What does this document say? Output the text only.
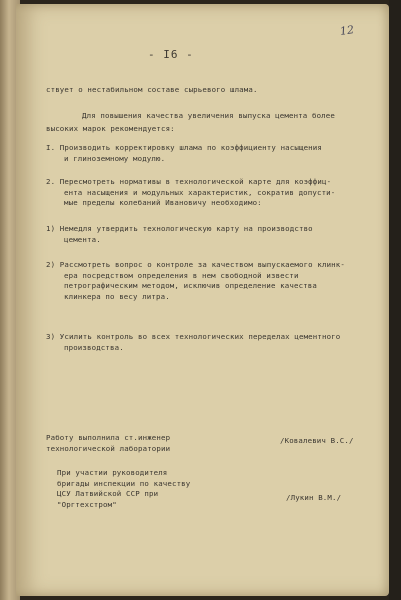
- I6 -
12
ствует о нестабильном составе сырьевого шлама.
Для повышения качества увеличения выпуска цемента более
высоких марок рекомендуется:
I. Производить корректировку шлама по коэффициенту насыщения
и глиноземному модулю.
2. Пересмотреть нормативы в технологической карте для коэффиц-
ента насыщения и модульных характеристик, сократив допусти-
мые пределы колебаний Ивановичу необходимо:
1) Немедля утвердить технологическую карту на производство
цемента.
2) Рассмотреть вопрос о контроле за качеством выпускаемого клинк-
ера посредством определения в нем свободной извести
петрографическим методом, исключив определение качества
клинкера по весу литра.
3) Усилить контроль во всех технологических переделах цементного
производства.
Работу выполнила ст.инженер
технологической лаборатории
/Ковалевич В.С./
При участии руководителя
бригады инспекции по качеству
ЦСУ Латвийской ССР при
"Оргтехстром"
/Лукин В.М./
